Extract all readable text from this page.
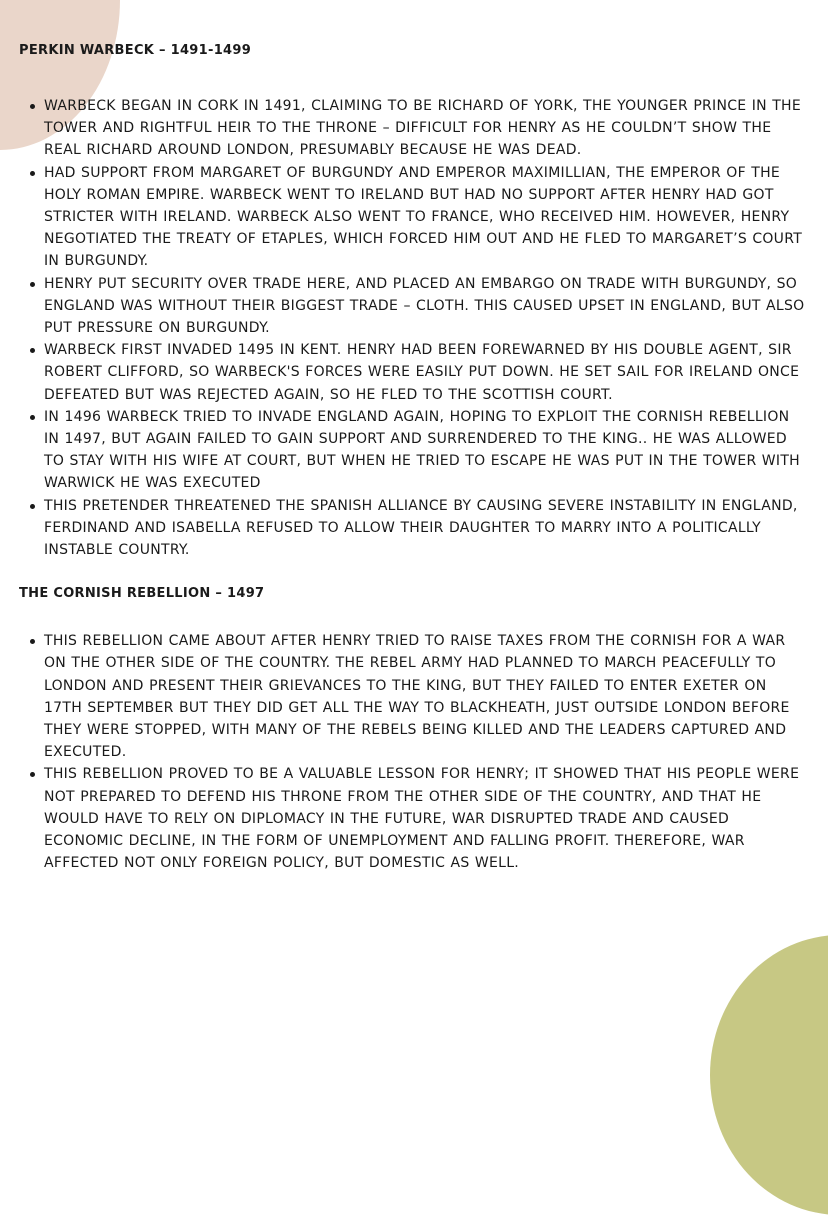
PERKIN WARBECK – 1491-1499
WARBECK BEGAN IN CORK IN 1491, CLAIMING TO BE RICHARD OF YORK, THE YOUNGER PRINCE IN THE TOWER AND RIGHTFUL HEIR TO THE THRONE – DIFFICULT FOR HENRY AS HE COULDN’T SHOW THE REAL RICHARD AROUND LONDON, PRESUMABLY BECAUSE HE WAS DEAD.
HAD SUPPORT FROM MARGARET OF BURGUNDY AND EMPEROR MAXIMILLIAN, THE EMPEROR OF THE HOLY ROMAN EMPIRE. WARBECK WENT TO IRELAND BUT HAD NO SUPPORT AFTER HENRY HAD GOT STRICTER WITH IRELAND. WARBECK ALSO WENT TO FRANCE, WHO RECEIVED HIM. HOWEVER, HENRY NEGOTIATED THE TREATY OF ETAPLES, WHICH FORCED HIM OUT AND HE FLED TO MARGARET’S COURT IN BURGUNDY.
HENRY PUT SECURITY OVER TRADE HERE, AND PLACED AN EMBARGO ON TRADE WITH BURGUNDY, SO ENGLAND WAS WITHOUT THEIR BIGGEST TRADE – CLOTH. THIS CAUSED UPSET IN ENGLAND, BUT ALSO PUT PRESSURE ON BURGUNDY.
WARBECK FIRST INVADED 1495 IN KENT. HENRY HAD BEEN FOREWARNED BY HIS DOUBLE AGENT, SIR ROBERT CLIFFORD, SO WARBECK'S FORCES WERE EASILY PUT DOWN. HE SET SAIL FOR IRELAND ONCE DEFEATED BUT WAS REJECTED AGAIN, SO HE FLED TO THE SCOTTISH COURT.
IN 1496 WARBECK TRIED TO INVADE ENGLAND AGAIN, HOPING TO EXPLOIT THE CORNISH REBELLION IN 1497, BUT AGAIN FAILED TO GAIN SUPPORT AND SURRENDERED TO THE KING.. HE WAS ALLOWED TO STAY WITH HIS WIFE AT COURT, BUT WHEN HE TRIED TO ESCAPE HE WAS PUT IN THE TOWER WITH WARWICK HE WAS EXECUTED
THIS PRETENDER THREATENED THE SPANISH ALLIANCE BY CAUSING SEVERE INSTABILITY IN ENGLAND, FERDINAND AND ISABELLA REFUSED TO ALLOW THEIR DAUGHTER TO MARRY INTO A POLITICALLY INSTABLE COUNTRY.
THE CORNISH REBELLION – 1497
THIS REBELLION CAME ABOUT AFTER HENRY TRIED TO RAISE TAXES FROM THE CORNISH FOR A WAR ON THE OTHER SIDE OF THE COUNTRY. THE REBEL ARMY HAD PLANNED TO MARCH PEACEFULLY TO LONDON AND PRESENT THEIR GRIEVANCES TO THE KING, BUT THEY FAILED TO ENTER EXETER ON 17TH SEPTEMBER BUT THEY DID GET ALL THE WAY TO BLACKHEATH, JUST OUTSIDE LONDON BEFORE THEY WERE STOPPED, WITH MANY OF THE REBELS BEING KILLED AND THE LEADERS CAPTURED AND EXECUTED.
THIS REBELLION PROVED TO BE A VALUABLE LESSON FOR HENRY; IT SHOWED THAT HIS PEOPLE WERE NOT PREPARED TO DEFEND HIS THRONE FROM THE OTHER SIDE OF THE COUNTRY, AND THAT HE WOULD HAVE TO RELY ON DIPLOMACY IN THE FUTURE, WAR DISRUPTED TRADE AND CAUSED ECONOMIC DECLINE, IN THE FORM OF UNEMPLOYMENT AND FALLING PROFIT. THEREFORE, WAR AFFECTED NOT ONLY FOREIGN POLICY, BUT DOMESTIC AS WELL.
